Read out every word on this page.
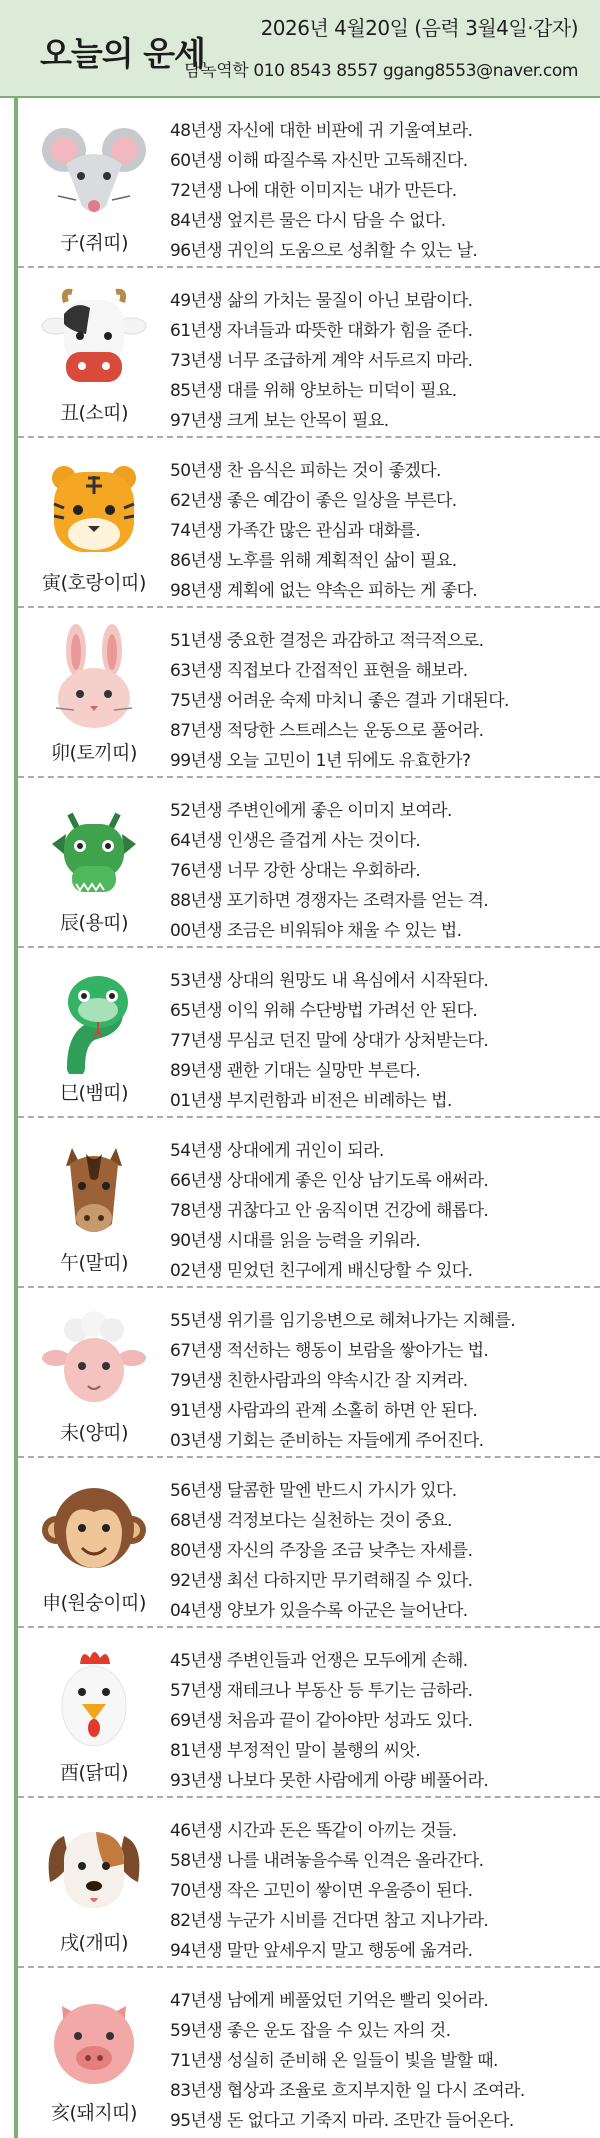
오늘의 운세
2026년 4월20일 (음력 3월4일·갑자)
담녹역학 010 8543 8557 ggang8553@naver.com
子(쥐띠)
48년생 자신에 대한 비판에 귀 기울여보라.
60년생 이해 따질수록 자신만 고독해진다.
72년생 나에 대한 이미지는 내가 만든다.
84년생 엎지른 물은 다시 담을 수 없다.
96년생 귀인의 도움으로 성취할 수 있는 날.
丑(소띠)
49년생 삶의 가치는 물질이 아닌 보람이다.
61년생 자녀들과 따뜻한 대화가 힘을 준다.
73년생 너무 조급하게 계약 서두르지 마라.
85년생 대를 위해 양보하는 미덕이 필요.
97년생 크게 보는 안목이 필요.
寅(호랑이띠)
50년생 찬 음식은 피하는 것이 좋겠다.
62년생 좋은 예감이 좋은 일상을 부른다.
74년생 가족간 많은 관심과 대화를.
86년생 노후를 위해 계획적인 삶이 필요.
98년생 계획에 없는 약속은 피하는 게 좋다.
卯(토끼띠)
51년생 중요한 결정은 과감하고 적극적으로.
63년생 직접보다 간접적인 표현을 해보라.
75년생 어려운 숙제 마치니 좋은 결과 기대된다.
87년생 적당한 스트레스는 운동으로 풀어라.
99년생 오늘 고민이 1년 뒤에도 유효한가?
辰(용띠)
52년생 주변인에게 좋은 이미지 보여라.
64년생 인생은 즐겁게 사는 것이다.
76년생 너무 강한 상대는 우회하라.
88년생 포기하면 경쟁자는 조력자를 얻는 격.
00년생 조금은 비워둬야 채울 수 있는 법.
巳(뱀띠)
53년생 상대의 원망도 내 욕심에서 시작된다.
65년생 이익 위해 수단방법 가려선 안 된다.
77년생 무심코 던진 말에 상대가 상처받는다.
89년생 괜한 기대는 실망만 부른다.
01년생 부지런함과 비전은 비례하는 법.
午(말띠)
54년생 상대에게 귀인이 되라.
66년생 상대에게 좋은 인상 남기도록 애써라.
78년생 귀찮다고 안 움직이면 건강에 해롭다.
90년생 시대를 읽을 능력을 키워라.
02년생 믿었던 친구에게 배신당할 수 있다.
未(양띠)
55년생 위기를 임기응변으로 헤쳐나가는 지혜를.
67년생 적선하는 행동이 보람을 쌓아가는 법.
79년생 친한사람과의 약속시간 잘 지켜라.
91년생 사람과의 관계 소홀히 하면 안 된다.
03년생 기회는 준비하는 자들에게 주어진다.
申(원숭이띠)
56년생 달콤한 말엔 반드시 가시가 있다.
68년생 걱정보다는 실천하는 것이 중요.
80년생 자신의 주장을 조금 낮추는 자세를.
92년생 최선 다하지만 무기력해질 수 있다.
04년생 양보가 있을수록 아군은 늘어난다.
酉(닭띠)
45년생 주변인들과 언쟁은 모두에게 손해.
57년생 재테크나 부동산 등 투기는 금하라.
69년생 처음과 끝이 같아야만 성과도 있다.
81년생 부정적인 말이 불행의 씨앗.
93년생 나보다 못한 사람에게 아량 베풀어라.
戌(개띠)
46년생 시간과 돈은 똑같이 아끼는 것들.
58년생 나를 내려놓을수록 인격은 올라간다.
70년생 작은 고민이 쌓이면 우울증이 된다.
82년생 누군가 시비를 건다면 참고 지나가라.
94년생 말만 앞세우지 말고 행동에 옮겨라.
亥(돼지띠)
47년생 남에게 베풀었던 기억은 빨리 잊어라.
59년생 좋은 운도 잡을 수 있는 자의 것.
71년생 성실히 준비해 온 일들이 빛을 발할 때.
83년생 협상과 조율로 흐지부지한 일 다시 조여라.
95년생 돈 없다고 기죽지 마라. 조만간 들어온다.
